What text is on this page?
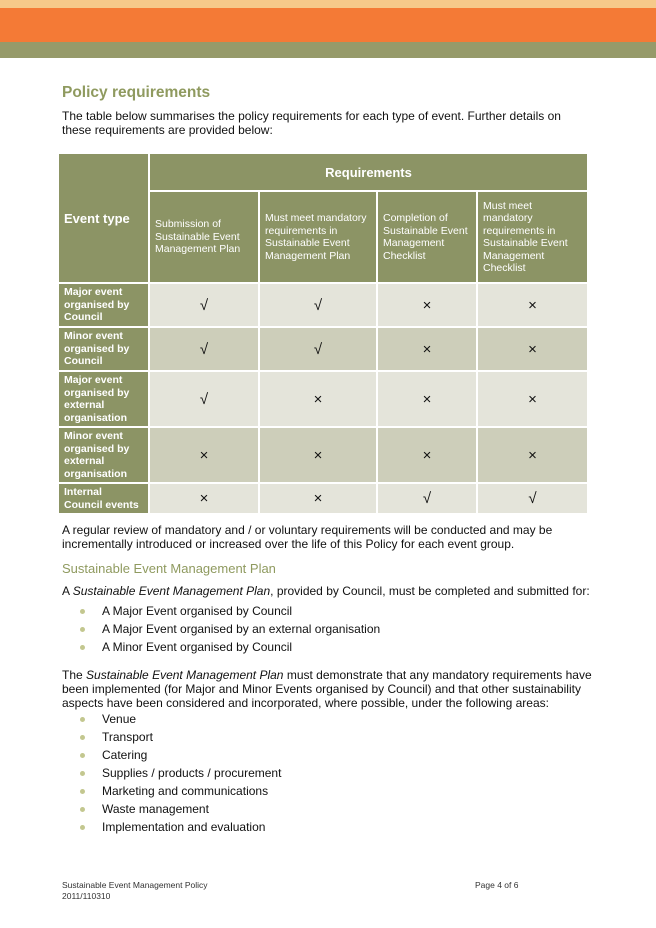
Policy requirements

The table below summarises the policy requirements for each type of event. Further details on these requirements are provided below:

Event type	Requirements			
	Submission of Sustainable Event Management Plan	Must meet mandatory requirements in Sustainable Event Management Plan	Completion of Sustainable Event Management Checklist	Must meet mandatory requirements in Sustainable Event Management Checklist
Major event organised by Council	√	√	×	×
Minor event organised by Council	√	√	×	×
Major event organised by external organisation	√	×	×	×
Minor event organised by external organisation	×	×	×	×
Internal Council events	×	×	√	√

A regular review of mandatory and / or voluntary requirements will be conducted and may be incrementally introduced or increased over the life of this Policy for each event group.

Sustainable Event Management Plan

A Sustainable Event Management Plan, provided by Council, must be completed and submitted for:

A Major Event organised by Council
A Major Event organised by an external organisation
A Minor Event organised by Council

The Sustainable Event Management Plan must demonstrate that any mandatory requirements have been implemented (for Major and Minor Events organised by Council) and that other sustainability aspects have been considered and incorporated, where possible, under the following areas:

Venue
Transport
Catering
Supplies / products / procurement
Marketing and communications
Waste management
Implementation and evaluation
Sustainable Event Management Policy
2011/110310
Page 4 of 6
